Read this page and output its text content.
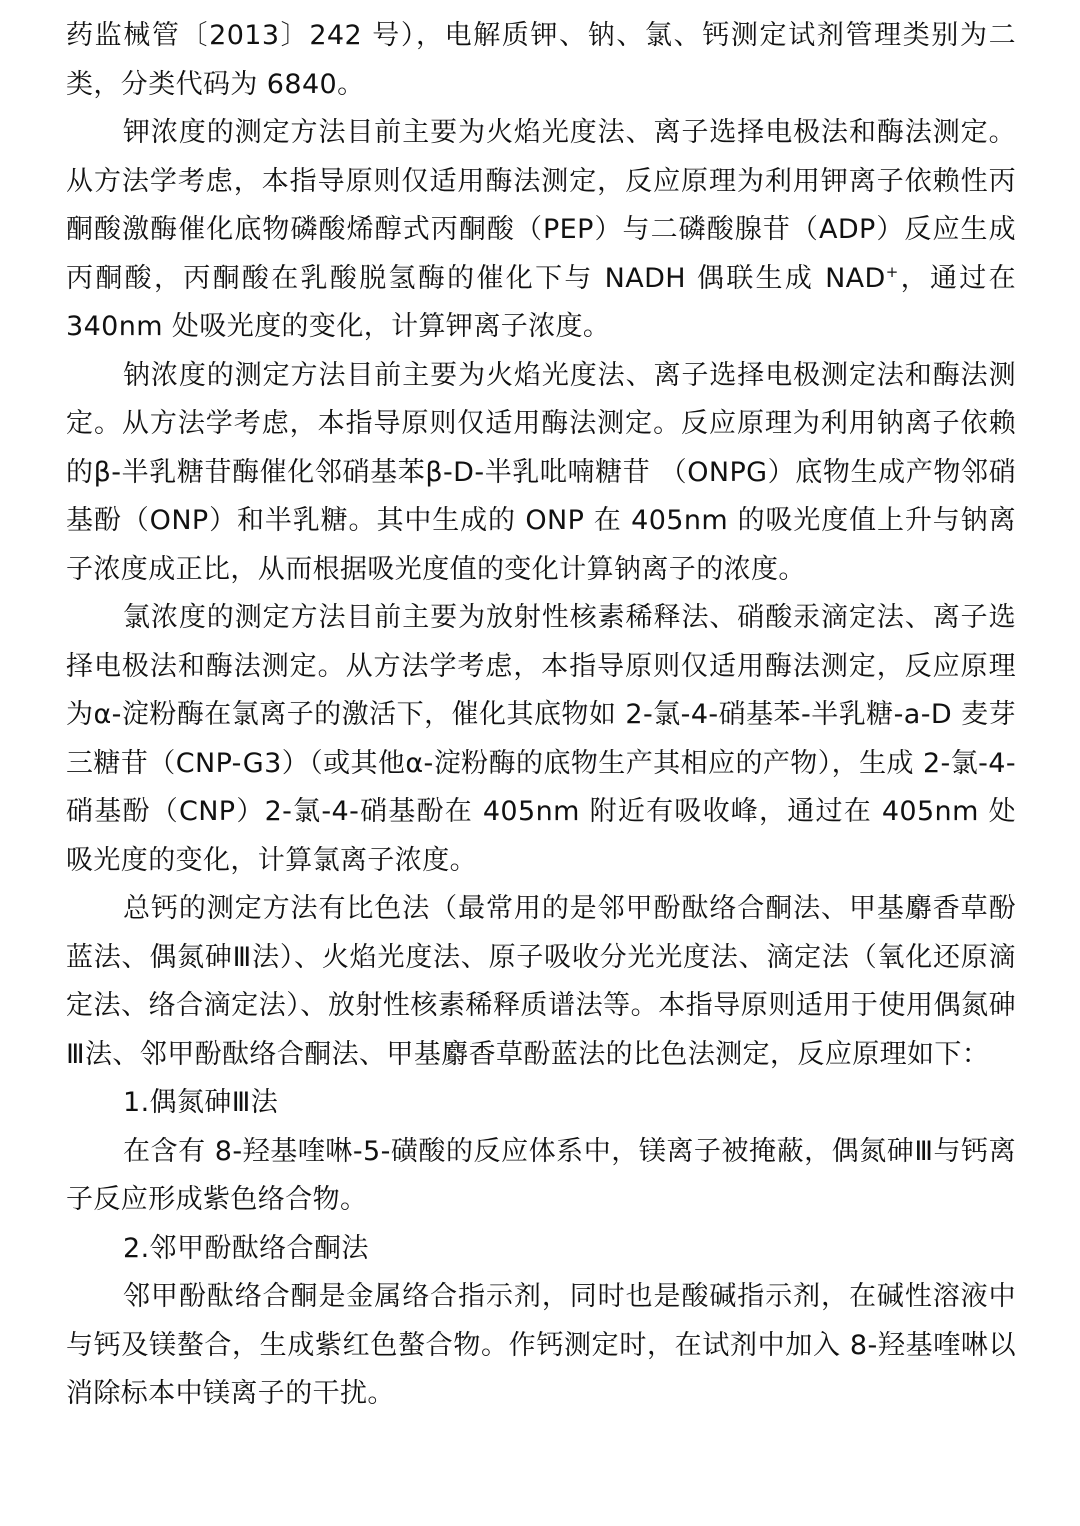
药监械管〔2013〕242 号），电解质钾、钠、氯、钙测定试剂管理类别为二类，分类代码为 6840。

钾浓度的测定方法目前主要为火焰光度法、离子选择电极法和酶法测定。从方法学考虑，本指导原则仅适用酶法测定，反应原理为利用钾离子依赖性丙酮酸激酶催化底物磷酸烯醇式丙酮酸（PEP）与二磷酸腺苷（ADP）反应生成丙酮酸，丙酮酸在乳酸脱氢酶的催化下与 NADH 偶联生成 NAD+，通过在 340nm 处吸光度的变化，计算钾离子浓度。

钠浓度的测定方法目前主要为火焰光度法、离子选择电极测定法和酶法测定。从方法学考虑，本指导原则仅适用酶法测定。反应原理为利用钠离子依赖的β-半乳糖苷酶催化邻硝基苯β-D-半乳吡喃糖苷 （ONPG）底物生成产物邻硝基酚（ONP）和半乳糖。其中生成的 ONP 在 405nm 的吸光度值上升与钠离子浓度成正比，从而根据吸光度值的变化计算钠离子的浓度。

氯浓度的测定方法目前主要为放射性核素稀释法、硝酸汞滴定法、离子选择电极法和酶法测定。从方法学考虑，本指导原则仅适用酶法测定，反应原理为α-淀粉酶在氯离子的激活下，催化其底物如 2-氯-4-硝基苯-半乳糖-a-D 麦芽三糖苷（CNP-G3）（或其他α-淀粉酶的底物生产其相应的产物），生成 2-氯-4-硝基酚（CNP）2-氯-4-硝基酚在 405nm 附近有吸收峰，通过在 405nm 处吸光度的变化，计算氯离子浓度。

总钙的测定方法有比色法（最常用的是邻甲酚酞络合酮法、甲基麝香草酚蓝法、偶氮砷Ⅲ法）、火焰光度法、原子吸收分光光度法、滴定法（氧化还原滴定法、络合滴定法）、放射性核素稀释质谱法等。本指导原则适用于使用偶氮砷Ⅲ法、邻甲酚酞络合酮法、甲基麝香草酚蓝法的比色法测定，反应原理如下：

1.偶氮砷Ⅲ法

在含有 8-羟基喹啉-5-磺酸的反应体系中，镁离子被掩蔽，偶氮砷Ⅲ与钙离子反应形成紫色络合物。

2.邻甲酚酞络合酮法

邻甲酚酞络合酮是金属络合指示剂，同时也是酸碱指示剂，在碱性溶液中与钙及镁螯合，生成紫红色螯合物。作钙测定时，在试剂中加入 8-羟基喹啉以消除标本中镁离子的干扰。
